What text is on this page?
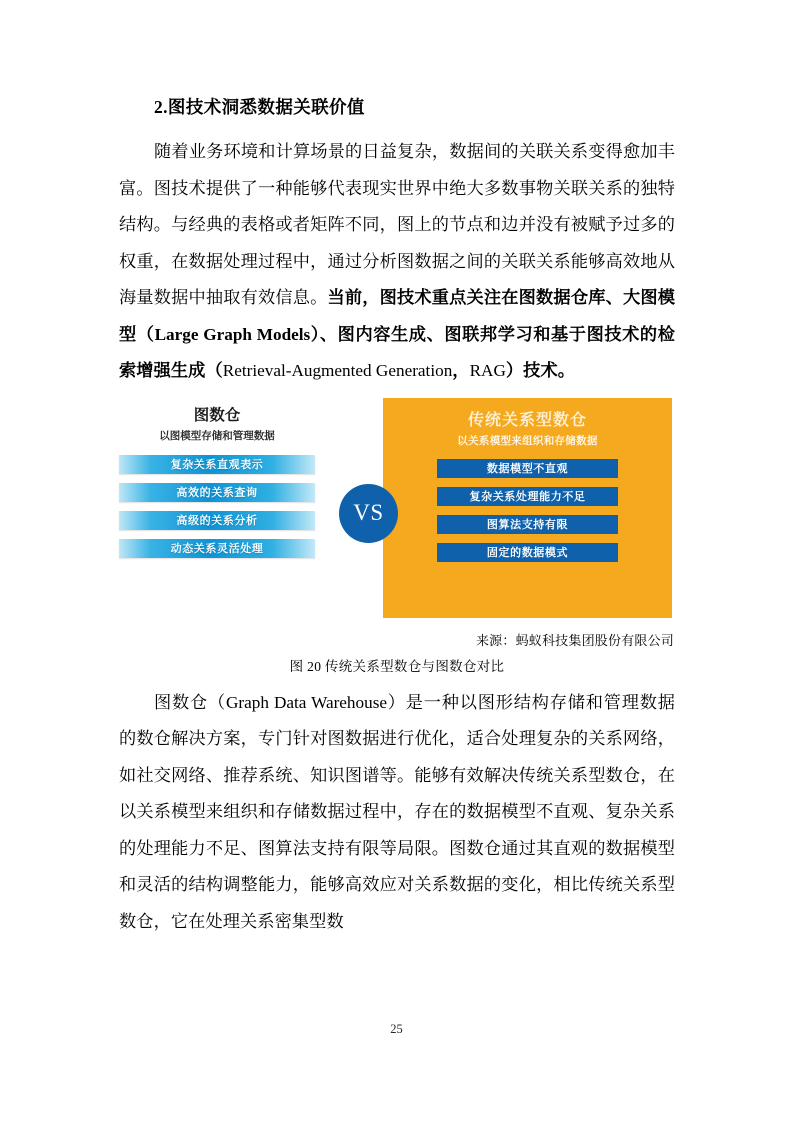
2.图技术洞悉数据关联价值

随着业务环境和计算场景的日益复杂，数据间的关联关系变得愈加丰富。图技术提供了一种能够代表现实世界中绝大多数事物关联关系的独特结构。与经典的表格或者矩阵不同，图上的节点和边并没有被赋予过多的权重，在数据处理过程中，通过分析图数据之间的关联关系能够高效地从海量数据中抽取有效信息。当前，图技术重点关注在图数据仓库、大图模型（Large Graph Models）、图内容生成、图联邦学习和基于图技术的检索增强生成（Retrieval-Augmented Generation，RAG）技术。

图数仓
以图模型存储和管理数据
复杂关系直观表示
高效的关系查询
高级的关系分析
动态关系灵活处理
传统关系型数仓
以关系模型来组织和存储数据
数据模型不直观
复杂关系处理能力不足
图算法支持有限
固定的数据模式
VS
来源：蚂蚁科技集团股份有限公司
图 20 传统关系型数仓与图数仓对比

图数仓（Graph Data Warehouse）是一种以图形结构存储和管理数据的数仓解决方案，专门针对图数据进行优化，适合处理复杂的关系网络，如社交网络、推荐系统、知识图谱等。能够有效解决传统关系型数仓，在以关系模型来组织和存储数据过程中，存在的数据模型不直观、复杂关系的处理能力不足、图算法支持有限等局限。图数仓通过其直观的数据模型和灵活的结构调整能力，能够高效应对关系数据的变化，相比传统关系型数仓，它在处理关系密集型数

25
